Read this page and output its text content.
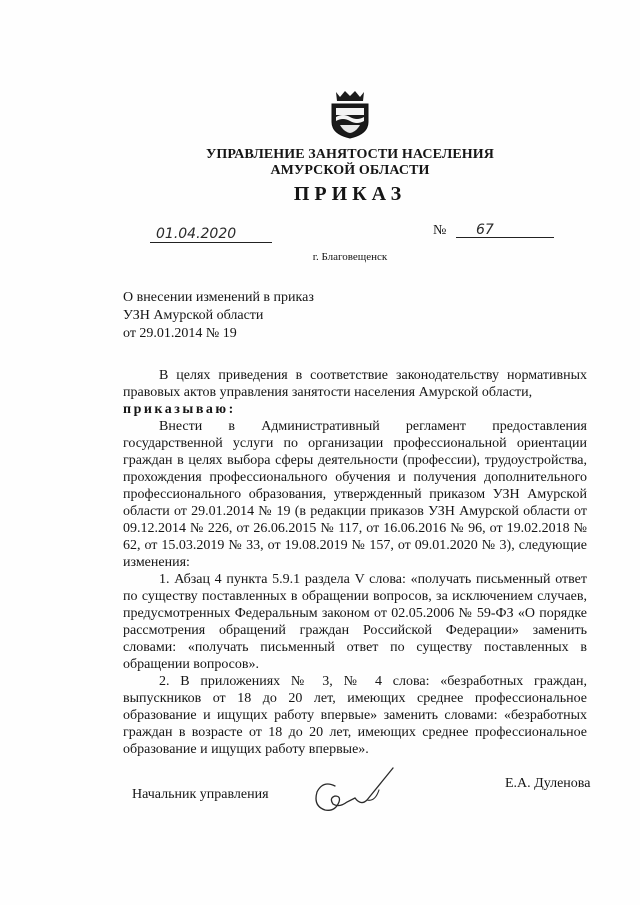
УПРАВЛЕНИЕ ЗАНЯТОСТИ НАСЕЛЕНИЯ
АМУРСКОЙ ОБЛАСТИ
ПРИКАЗ
01.04.2020	№	67
г. Благовещенск
О внесении изменений в приказ
УЗН Амурской области
от 29.01.2014 № 19

В целях приведения в соответствие законодательству нормативных правовых актов управления занятости населения Амурской области,

приказываю:

Внести в Административный регламент предоставления государственной услуги по организации профессиональной ориентации граждан в целях выбора сферы деятельности (профессии), трудоустройства, прохождения профессионального обучения и получения дополнительного профессионального образования, утвержденный приказом УЗН Амурской области от 29.01.2014 № 19 (в редакции приказов УЗН Амурской области от 09.12.2014 № 226, от 26.06.2015 № 117, от 16.06.2016 № 96, от 19.02.2018 № 62, от 15.03.2019 № 33, от 19.08.2019 № 157, от 09.01.2020 № 3), следующие изменения:

1. Абзац 4 пункта 5.9.1 раздела V слова: «получать письменный ответ по существу поставленных в обращении вопросов, за исключением случаев, предусмотренных Федеральным законом от 02.05.2006 № 59-ФЗ «О порядке рассмотрения обращений граждан Российской Федерации» заменить словами: «получать письменный ответ по существу поставленных в обращении вопросов».

2. В приложениях № 3, № 4 слова: «безработных граждан, выпускников от 18 до 20 лет, имеющих среднее профессиональное образование и ищущих работу впервые» заменить словами: «безработных граждан в возрасте от 18 до 20 лет, имеющих среднее профессиональное образование и ищущих работу впервые».

Начальник управления
Е.А. Дуленова
